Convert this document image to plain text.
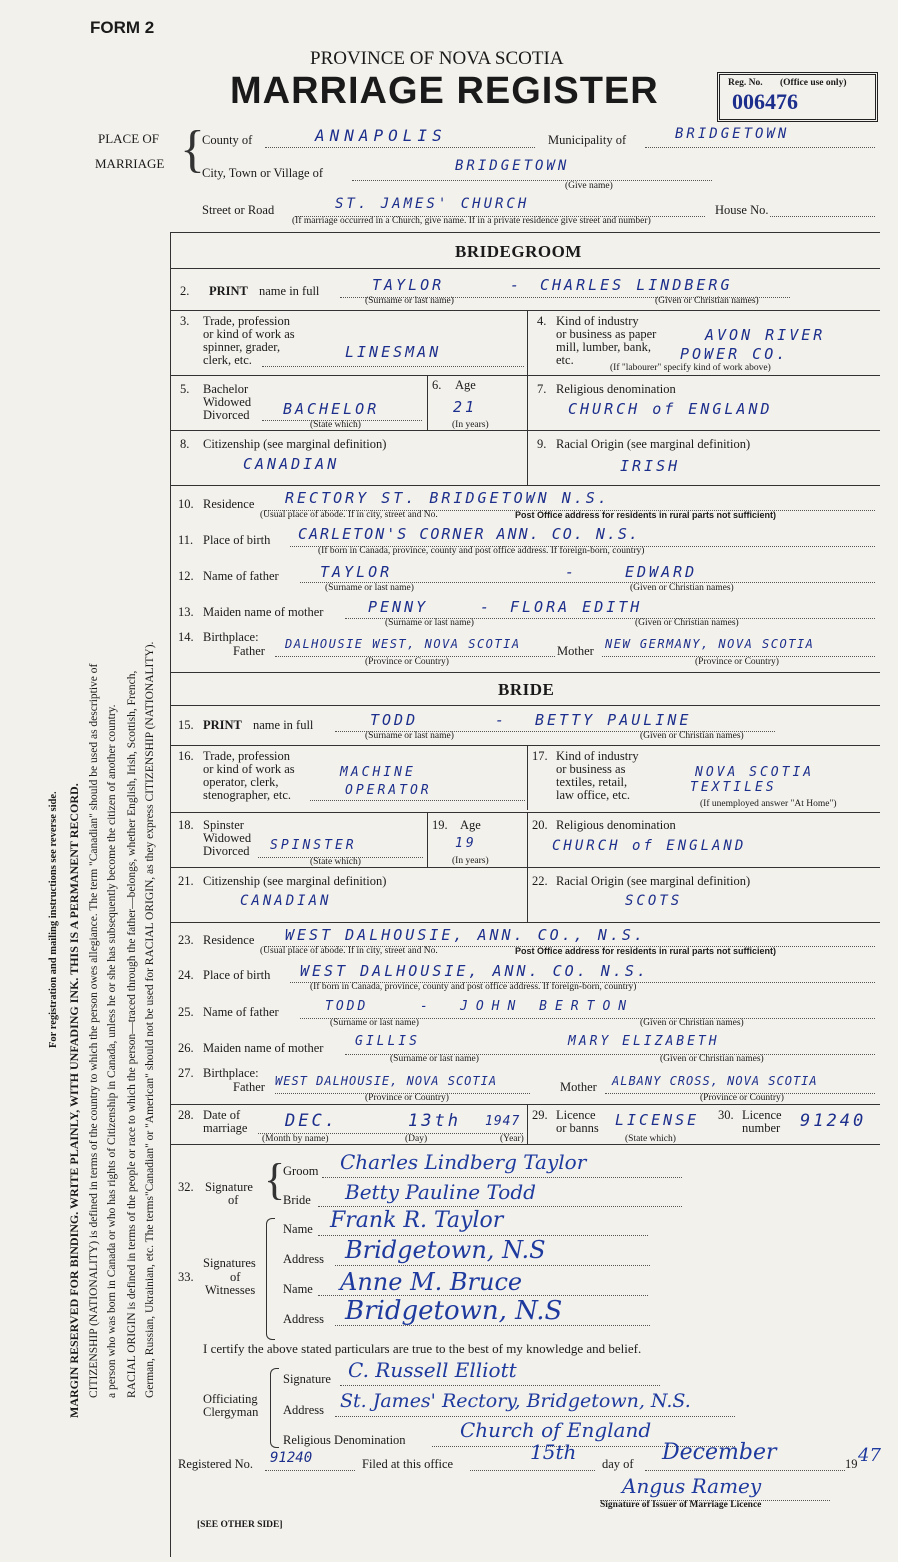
FORM 2
PROVINCE OF NOVA SCOTIA
MARRIAGE REGISTER	Reg. No. (Office use only)
006476
For registration and mailing instructions see reverse side. MARGIN RESERVED FOR BINDING. WRITE PLAINLY, WITH UNFADING INK. THIS IS A PERMANENT RECORD. CITIZENSHIP (NATIONALITY) is defined in terms of the country to which the person owes allegiance. The term "Canadian" should be used as descriptive of a person who was born in Canada or who has rights of Citizenship in Canada, unless he or she has subsequently become the citizen of another country. RACIAL ORIGIN is defined in terms of the people or race to which the person—traced through the father—belongs, whether English, Irish, Scottish, French, German, Russian, Ukrainian, etc. The terms"Canadian" or "American" should not be used for RACIAL ORIGIN, as they express CITIZENSHIP (NATIONALITY).
PLACE OF
MARRIAGE {
County of	ANNAPOLIS	Municipality of	BRIDGETOWN
City, Town or Village of	BRIDGETOWN
(Give name)
Street or Road	ST. JAMES' CHURCH	House No.
(If marriage occurred in a Church, give name. If in a private residence give street and number)
BRIDEGROOM
2. PRINT name in full	TAYLOR	- CHARLES LINDBERG
(Surname or last name)	(Given or Christian names)
3. Trade, profession
or kind of work as
spinner, grader,
clerk, etc.	LINESMAN
4. Kind of industry
or business as paper
mill, lumber, bank,
etc.
AVON RIVER
POWER CO.
(If "labourer" specify kind of work above)
5. Bachelor
Widowed
Divorced BACHELOR
(State which)
6. Age
21
(In years)
7. Religious denomination
CHURCH of ENGLAND
8. Citizenship (see marginal definition)
CANADIAN
9. Racial Origin (see marginal definition)
IRISH
10. Residence RECTORY ST. BRIDGETOWN N.S.
(Usual place of abode. If in city, street and No.	Post Office address for residents in rural parts not sufficient)
11. Place of birth CARLETON'S CORNER ANN. CO. N.S.
(If born in Canada, province, county and post office address. If foreign-born, country)
12. Name of father	TAYLOR	-	EDWARD
(Surname or last name)	(Given or Christian names)
13. Maiden name of mother	PENNY	- FLORA EDITH
(Surname or last name)	(Given or Christian names)
14. Birthplace:
Father DALHOUSIE WEST, NOVA SCOTIA	Mother NEW GERMANY, NOVA SCOTIA
(Province or Country)	(Province or Country)
BRIDE
15. PRINT name in full	TODD	- BETTY PAULINE
(Surname or last name)	(Given or Christian names)
16. Trade, profession
or kind of work as
operator, clerk,
stenographer, etc.
MACHINE
OPERATOR
17. Kind of industry
or business as
textiles, retail,
law office, etc.
NOVA SCOTIA
TEXTILES
(If unemployed answer "At Home")
18. Spinster
Widowed
Divorced SPINSTER
(State which)
19. Age
19
(In years)
20. Religious denomination
CHURCH of ENGLAND
21. Citizenship (see marginal definition)
CANADIAN
22. Racial Origin (see marginal definition)
SCOTS
23. Residence WEST DALHOUSIE, ANN. CO., N.S.
(Usual place of abode. If in city, street and No.	Post Office address for residents in rural parts not sufficient)
24. Place of birth WEST DALHOUSIE, ANN. CO. N.S.
(If born in Canada, province, county and post office address. If foreign-born, country)
25. Name of father	TODD	- JOHN BERTON
(Surname or last name)	(Given or Christian names)
26. Maiden name of mother GILLIS	MARY ELIZABETH
(Surname or last name)	(Given or Christian names)
27. Birthplace:
Father WEST DALHOUSIE, NOVA SCOTIA	Mother ALBANY CROSS, NOVA SCOTIA
(Province or Country)	(Province or Country)
28. Date of
marriage DEC.	13th 1947
(Month by name)	(Day)	(Year)
29. Licence
or banns LICENSE
(State which)
30. Licence
number 91240
32. Signature
of {
Groom Charles Lindberg Taylor
Bride Betty Pauline Todd
33.
Signatures
of
Witnesses
Name Frank R. Taylor
Address Bridgetown, N.S
Name Anne M. Bruce
Address Bridgetown, N.S
I certify the above stated particulars are true to the best of my knowledge and belief.
Officiating
Clergyman
Signature C. Russell Elliott
Address St. James' Rectory, Bridgetown, N.S.
Religious Denomination	Church of England
Registered No. 91240	Filed at this office	15th day of December	19 47
Angus Ramey
Signature of Issuer of Marriage Licence
[SEE OTHER SIDE]
